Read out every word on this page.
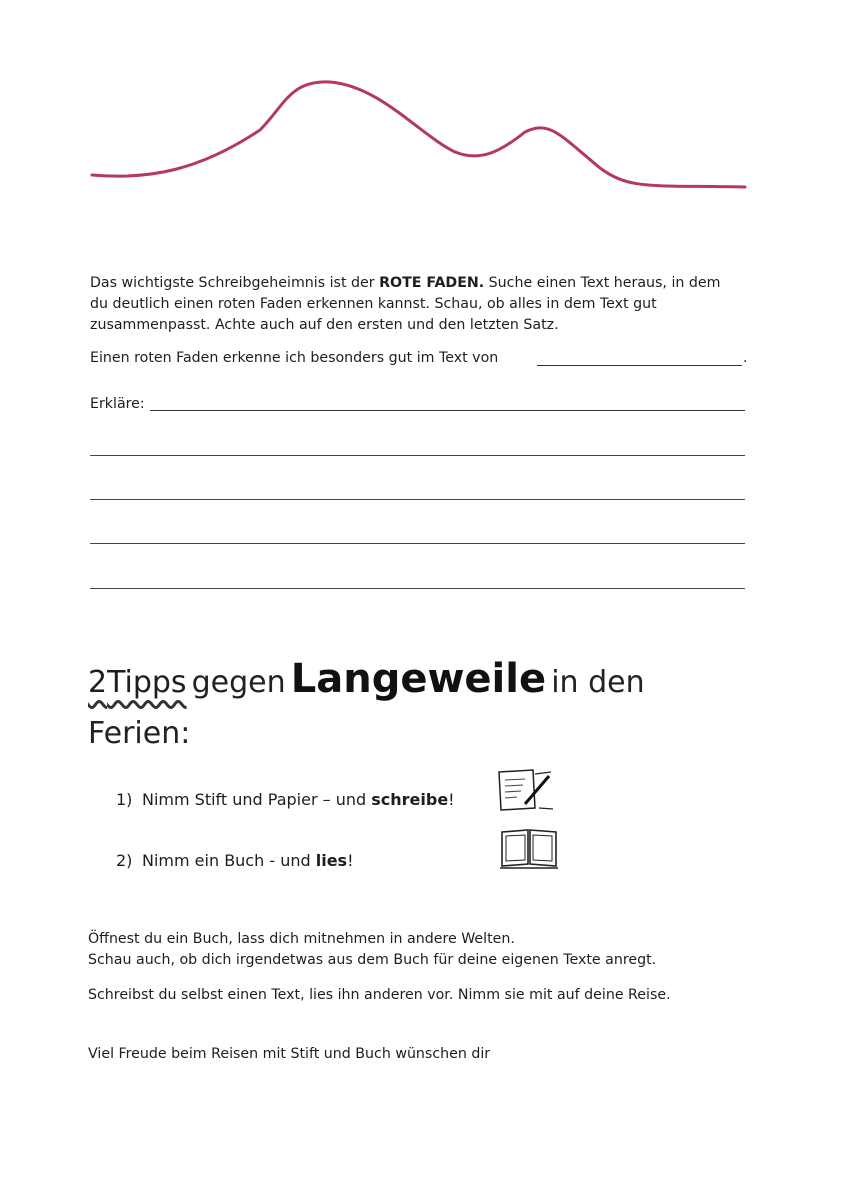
Das wichtigste Schreibgeheimnis ist der ROTE FADEN. Suche einen Text heraus, in dem
du deutlich einen roten Faden erkennen kannst. Schau, ob alles in dem Text gut
zusammenpasst. Achte auch auf den ersten und den letzten Satz.
Einen roten Faden erkenne ich besonders gut im Text von	.
Erkläre:
2Tipps gegen Langeweile in den
Ferien:
1) Nimm Stift und Papier – und schreibe!
2) Nimm ein Buch - und lies!
Öffnest du ein Buch, lass dich mitnehmen in andere Welten.
Schau auch, ob dich irgendetwas aus dem Buch für deine eigenen Texte anregt.
Schreibst du selbst einen Text, lies ihn anderen vor. Nimm sie mit auf deine Reise.
Viel Freude beim Reisen mit Stift und Buch wünschen dir
